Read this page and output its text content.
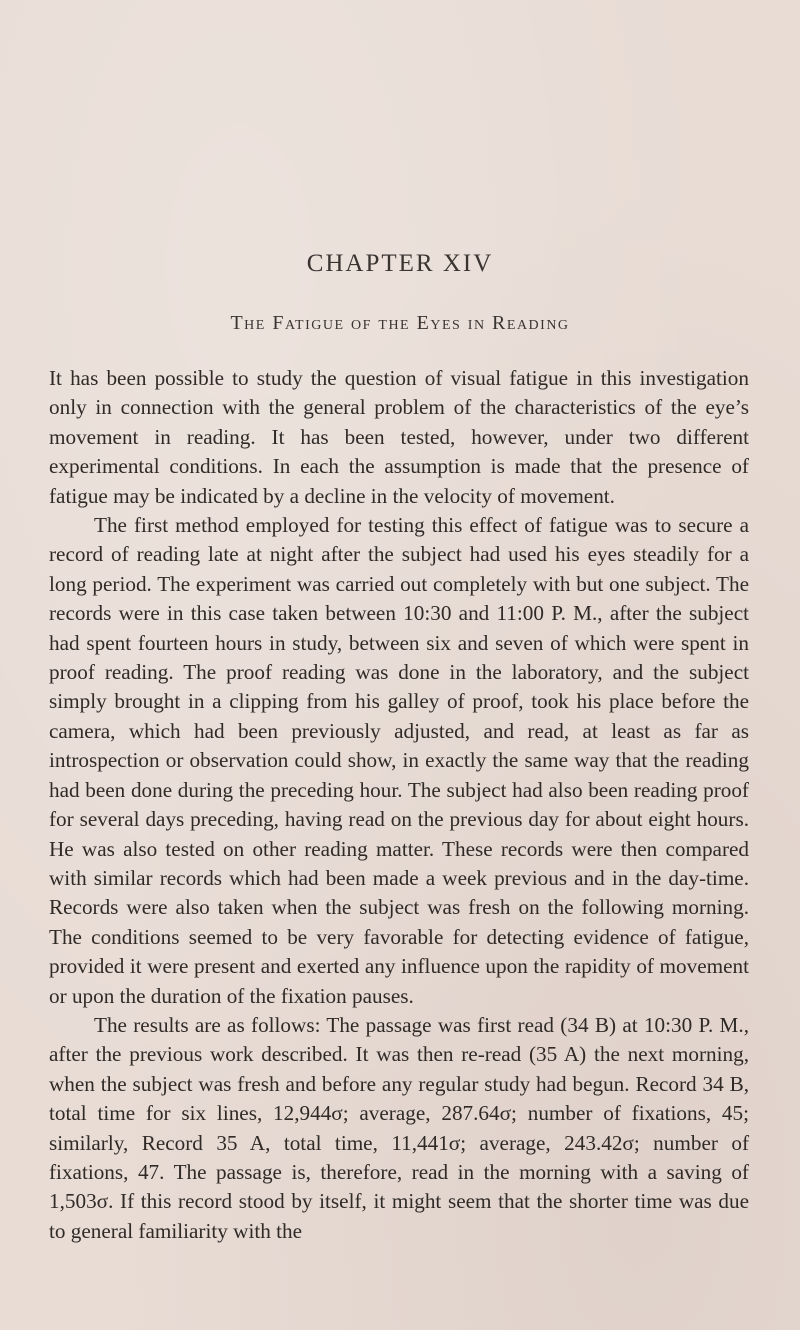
CHAPTER XIV
The Fatigue of the Eyes in Reading

It has been possible to study the question of visual fatigue in this investigation only in connection with the general problem of the characteristics of the eye’s movement in reading. It has been tested, however, under two different experimental conditions. In each the assumption is made that the presence of fatigue may be indicated by a decline in the velocity of movement.

The first method employed for testing this effect of fatigue was to secure a record of reading late at night after the subject had used his eyes steadily for a long period. The experiment was carried out completely with but one subject. The records were in this case taken between 10:30 and 11:00 P. M., after the subject had spent fourteen hours in study, between six and seven of which were spent in proof reading. The proof reading was done in the laboratory, and the subject simply brought in a clipping from his galley of proof, took his place before the camera, which had been previously adjusted, and read, at least as far as introspection or observation could show, in exactly the same way that the reading had been done during the preceding hour. The subject had also been reading proof for several days preceding, having read on the previous day for about eight hours. He was also tested on other reading matter. These records were then compared with similar records which had been made a week previous and in the day-time. Records were also taken when the subject was fresh on the following morning. The conditions seemed to be very favorable for detecting evidence of fatigue, provided it were present and exerted any influence upon the rapidity of movement or upon the duration of the fixation pauses.

The results are as follows: The passage was first read (34 B) at 10:30 P. M., after the previous work described. It was then re-read (35 A) the next morning, when the subject was fresh and before any regular study had begun. Record 34 B, total time for six lines, 12,944σ; average, 287.64σ; number of fixations, 45; similarly, Record 35 A, total time, 11,441σ; average, 243.42σ; number of fixations, 47. The passage is, therefore, read in the morning with a saving of 1,503σ. If this record stood by itself, it might seem that the shorter time was due to general familiarity with the
